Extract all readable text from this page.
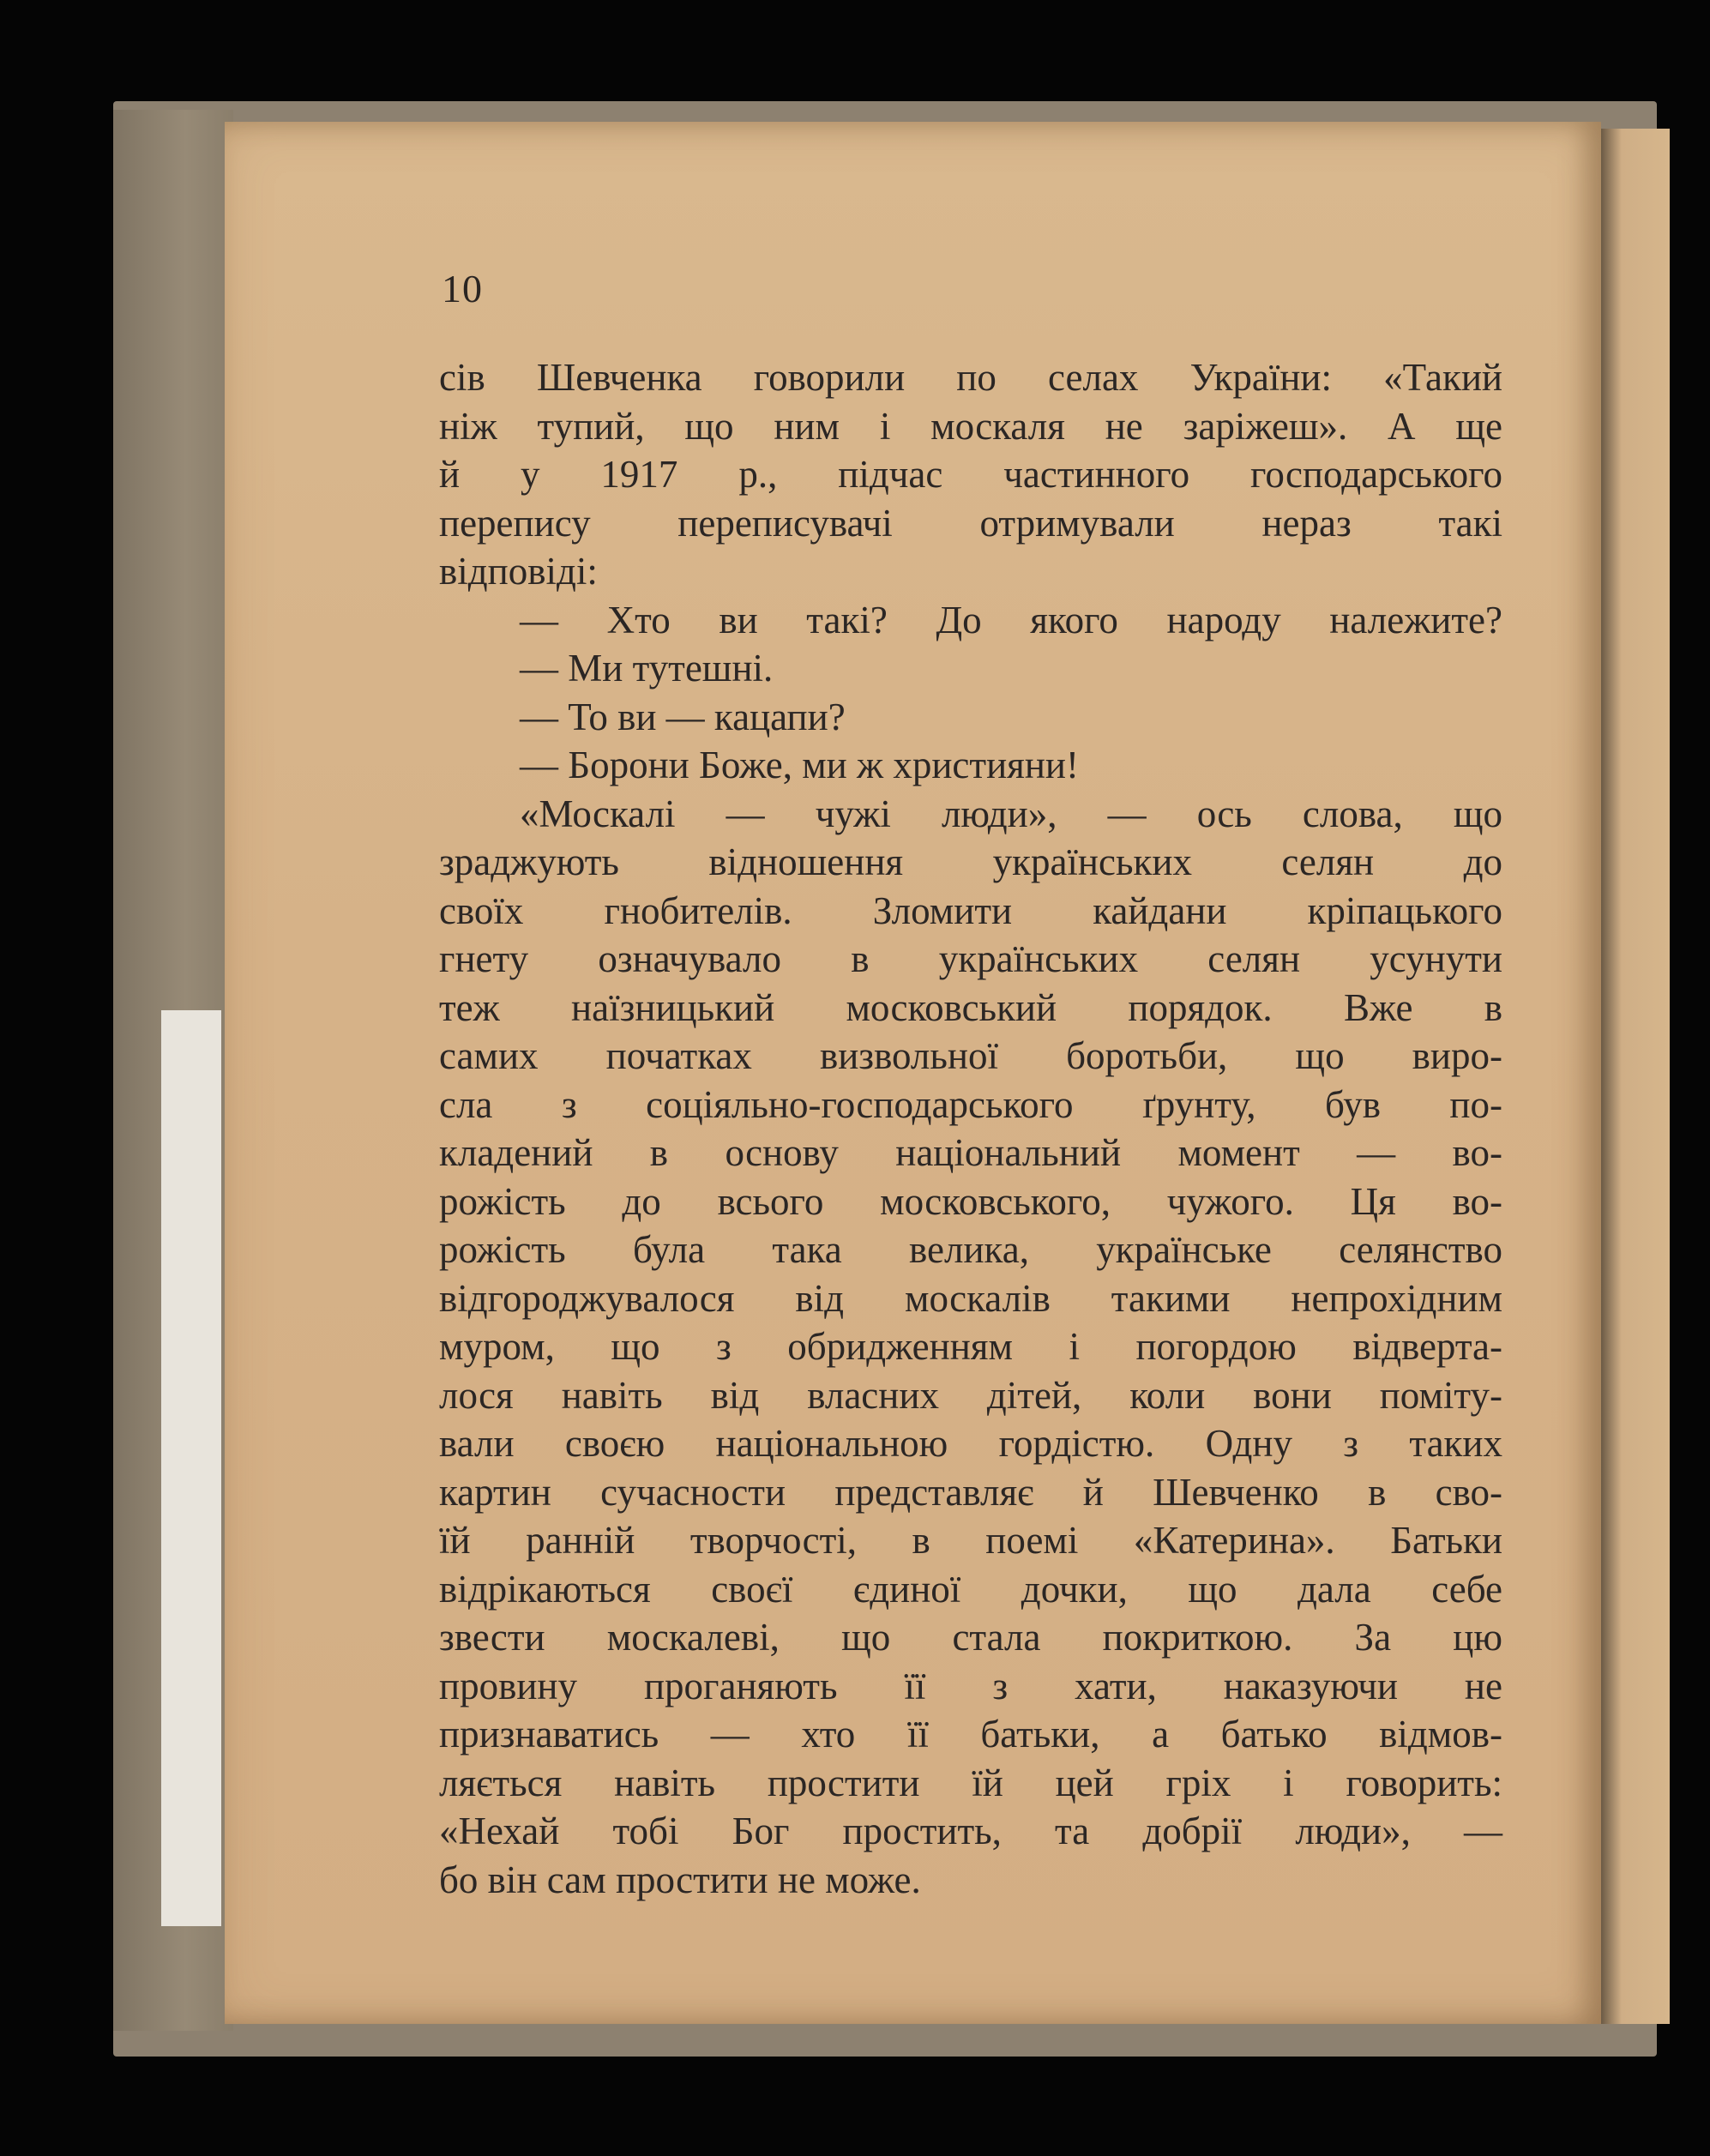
10
сів Шевченка говорили по селах України: «Такий
ніж тупий, що ним і москаля не заріжеш». А ще
й у 1917 р., підчас частинного господарського
перепису переписувачі отримували нераз такі
відповіді:
— Хто ви такі? До якого народу належите?
— Ми тутешні.
— То ви — кацапи?
— Борони Боже, ми ж християни!
«Москалі — чужі люди», — ось слова, що
зраджують відношення українських селян до
своїх гнобителів. Зломити кайдани кріпацького
гнету означувало в українських селян усунути
теж наїзницький московський порядок. Вже в
самих початках визвольної боротьби, що виро-
сла з соціяльно-господарського ґрунту, був по-
кладений в основу національний момент — во-
рожість до всього московського, чужого. Ця во-
рожість була така велика, українське селянство
відгороджувалося від москалів такими непрохідним
муром, що з обридженням і погордою відверта-
лося навіть від власних дітей, коли вони поміту-
вали своєю національною гордістю. Одну з таких
картин сучасности представляє й Шевченко в сво-
їй ранній творчості, в поемі «Катерина». Батьки
відрікаються своєї єдиної дочки, що дала себе
звести москалеві, що стала покриткою. За цю
провину проганяють її з хати, наказуючи не
признаватись — хто її батьки, а батько відмов-
ляється навіть простити їй цей гріх і говорить:
«Нехай тобі Бог простить, та добрії люди», —
бо він сам простити не може.
